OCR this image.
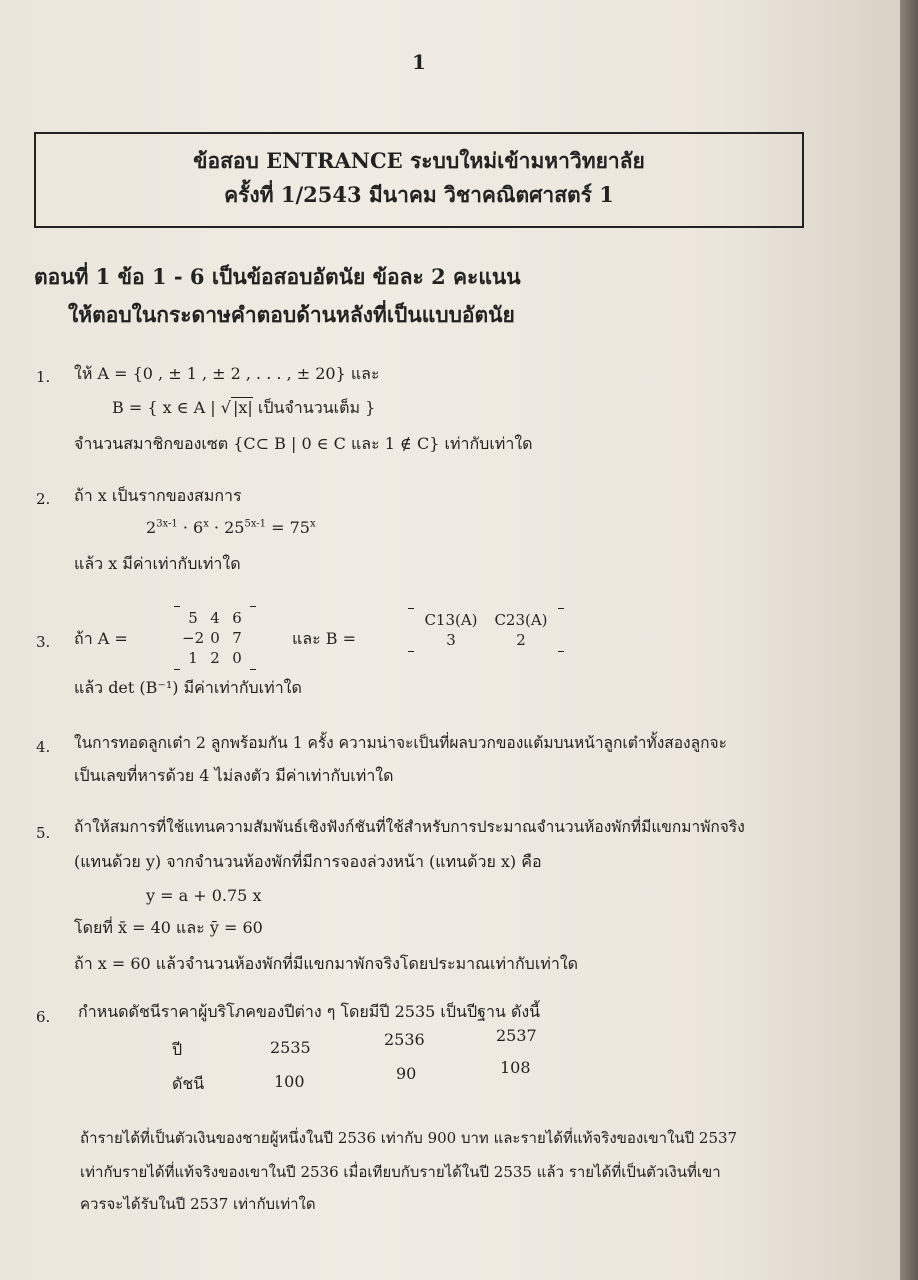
1
ข้อสอบ ENTRANCE ระบบใหม่เข้ามหาวิทยาลัย
ครั้งที่ 1/2543 มีนาคม วิชาคณิตศาสตร์ 1
ตอนที่ 1 ข้อ 1 - 6 เป็นข้อสอบอัตนัย ข้อละ 2 คะแนน
ให้ตอบในกระดาษคำตอบด้านหลังที่เป็นแบบอัตนัย
1. ให้ A = {0 , ± 1 , ± 2 , . . . , ± 20} และ
B = { x ∈ A | √ |x| เป็นจำนวนเต็ม }
จำนวนสมาชิกของเซต {C⊂ B | 0 ∈ C และ 1 ∉ C} เท่ากับเท่าใด
2. ถ้า x เป็นรากของสมการ
$2^{3x-1} \cdot 6^x \cdot 25^{5x-1} = 75^x$
แล้ว x มีค่าเท่ากับเท่าใด
3. ถ้า A =
5 4 6
−2 0 7
1 2 0
และ B =
C13(A)	C23(A)
3	2
แล้ว det (B⁻¹) มีค่าเท่ากับเท่าใด
4. ในการทอดลูกเต๋า 2 ลูกพร้อมกัน 1 ครั้ง ความน่าจะเป็นที่ผลบวกของแต้มบนหน้าลูกเต๋าทั้งสองลูกจะ
เป็นเลขที่หารด้วย 4 ไม่ลงตัว มีค่าเท่ากับเท่าใด
5. ถ้าให้สมการที่ใช้แทนความสัมพันธ์เชิงฟังก์ชันที่ใช้สำหรับการประมาณจำนวนห้องพักที่มีแขกมาพักจริง
(แทนด้วย y) จากจำนวนห้องพักที่มีการจองล่วงหน้า (แทนด้วย x) คือ
y = a + 0.75 x
โดยที่ x̄ = 40 และ ȳ = 60
ถ้า x = 60 แล้วจำนวนห้องพักที่มีแขกมาพักจริงโดยประมาณเท่ากับเท่าใด
6. กำหนดดัชนีราคาผู้บริโภคของปีต่าง ๆ โดยมีปี 2535 เป็นปีฐาน ดังนี้
ปี	2535	2536	2537
ดัชนี	100	90	108
ถ้ารายได้ที่เป็นตัวเงินของชายผู้หนึ่งในปี 2536 เท่ากับ 900 บาท และรายได้ที่แท้จริงของเขาในปี 2537
เท่ากับรายได้ที่แท้จริงของเขาในปี 2536 เมื่อเทียบกับรายได้ในปี 2535 แล้ว รายได้ที่เป็นตัวเงินที่เขา
ควรจะได้รับในปี 2537 เท่ากับเท่าใด
